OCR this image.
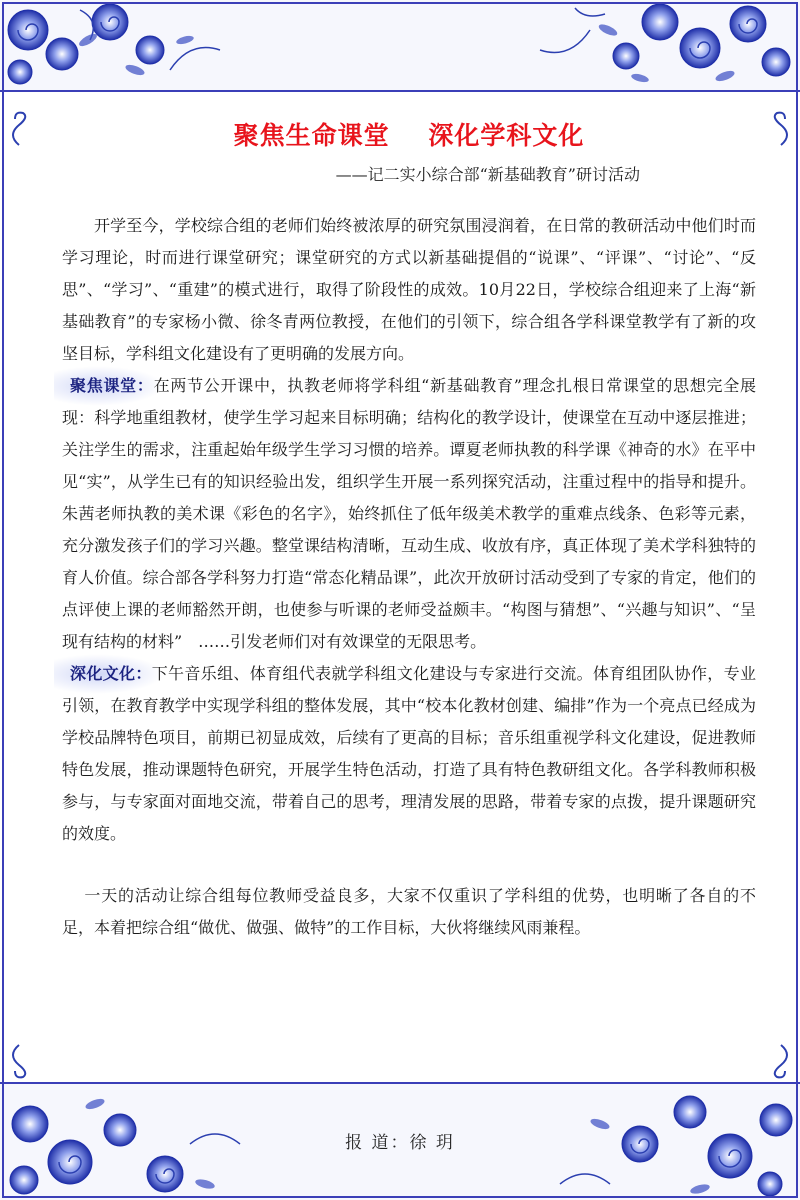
聚焦生命课堂    深化学科文化
——记二实小综合部“新基础教育”研讨活动

开学至今，学校综合组的老师们始终被浓厚的研究氛围浸润着，在日常的教研活动中他们时而学习理论，时而进行课堂研究；课堂研究的方式以新基础提倡的“说课”、“评课”、“讨论”、“反思”、“学习”、“重建”的模式进行，取得了阶段性的成效。10月22日，学校综合组迎来了上海“新基础教育”的专家杨小微、徐冬青两位教授，在他们的引领下，综合组各学科课堂教学有了新的攻坚目标，学科组文化建设有了更明确的发展方向。

聚焦课堂：在两节公开课中，执教老师将学科组“新基础教育”理念扎根日常课堂的思想完全展现：科学地重组教材，使学生学习起来目标明确；结构化的教学设计，使课堂在互动中逐层推进；关注学生的需求，注重起始年级学生学习习惯的培养。谭夏老师执教的科学课《神奇的水》在平中见“实”，从学生已有的知识经验出发，组织学生开展一系列探究活动，注重过程中的指导和提升。朱茜老师执教的美术课《彩色的名字》，始终抓住了低年级美术教学的重难点线条、色彩等元素，充分激发孩子们的学习兴趣。整堂课结构清晰，互动生成、收放有序，真正体现了美术学科独特的育人价值。综合部各学科努力打造“常态化精品课”，此次开放研讨活动受到了专家的肯定，他们的点评使上课的老师豁然开朗，也使参与听课的老师受益颇丰。“构图与猜想”、“兴趣与知识”、“呈现有结构的材料”　……引发老师们对有效课堂的无限思考。

深化文化：下午音乐组、体育组代表就学科组文化建设与专家进行交流。体育组团队协作，专业引领，在教育教学中实现学科组的整体发展，其中“校本化教材创建、编排”作为一个亮点已经成为学校品牌特色项目，前期已初显成效，后续有了更高的目标；音乐组重视学科文化建设，促进教师特色发展，推动课题特色研究，开展学生特色活动，打造了具有特色教研组文化。各学科教师积极参与，与专家面对面地交流，带着自己的思考，理清发展的思路，带着专家的点拨，提升课题研究的效度。

一天的活动让综合组每位教师受益良多，大家不仅重识了学科组的优势，也明晰了各自的不足，本着把综合组“做优、做强、做特”的工作目标，大伙将继续风雨兼程。

报 道：徐 玥
